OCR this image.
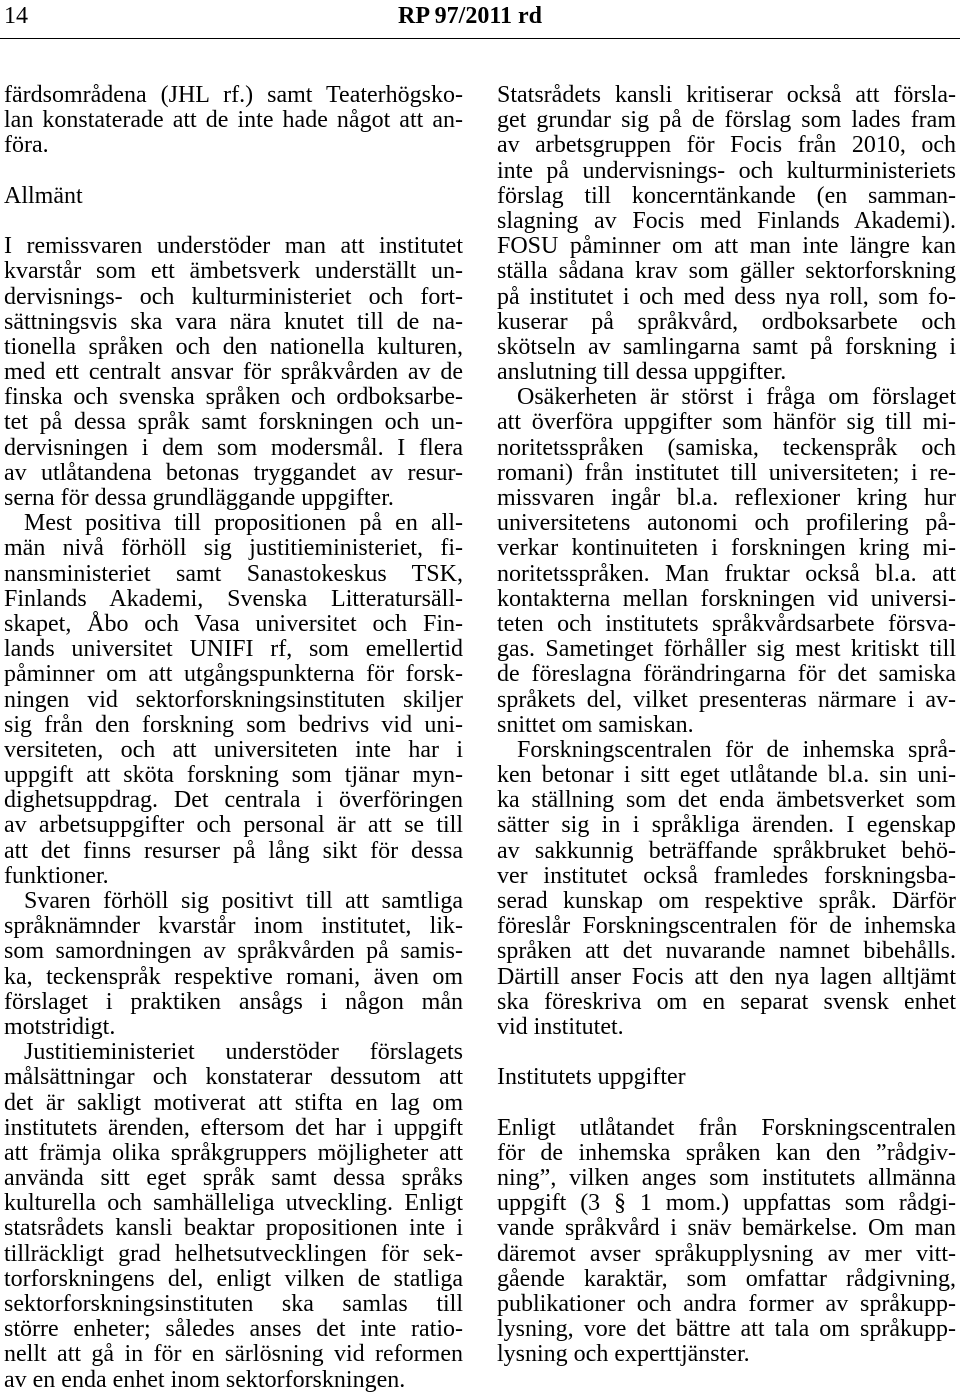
14	RP 97/2011 rd
färdsområdena (JHL rf.) samt Teaterhögsko-
lan konstaterade att de inte hade något att an-
föra.
Allmänt
I remissvaren understöder man att institutet
kvarstår som ett ämbetsverk underställt un-
dervisnings- och kulturministeriet och fort-
sättningsvis ska vara nära knutet till de na-
tionella språken och den nationella kulturen,
med ett centralt ansvar för språkvården av de
finska och svenska språken och ordboksarbe-
tet på dessa språk samt forskningen och un-
dervisningen i dem som modersmål. I flera
av utlåtandena betonas tryggandet av resur-
serna för dessa grundläggande uppgifter.
Mest positiva till propositionen på en all-
män nivå förhöll sig justitieministeriet, fi-
nansministeriet samt Sanastokeskus TSK,
Finlands Akademi, Svenska Litteratursäll-
skapet, Åbo och Vasa universitet och Fin-
lands universitet UNIFI rf, som emellertid
påminner om att utgångspunkterna för forsk-
ningen vid sektorforskningsinstituten skiljer
sig från den forskning som bedrivs vid uni-
versiteten, och att universiteten inte har i
uppgift att sköta forskning som tjänar myn-
dighetsuppdrag. Det centrala i överföringen
av arbetsuppgifter och personal är att se till
att det finns resurser på lång sikt för dessa
funktioner.
Svaren förhöll sig positivt till att samtliga
språknämnder kvarstår inom institutet, lik-
som samordningen av språkvården på samis-
ka, teckenspråk respektive romani, även om
förslaget i praktiken ansågs i någon mån
motstridigt.
Justitieministeriet understöder förslagets
målsättningar och konstaterar dessutom att
det är sakligt motiverat att stifta en lag om
institutets ärenden, eftersom det har i uppgift
att främja olika språkgruppers möjligheter att
använda sitt eget språk samt dessa språks
kulturella och samhälleliga utveckling. Enligt
statsrådets kansli beaktar propositionen inte i
tillräckligt grad helhetsutvecklingen för sek-
torforskningens del, enligt vilken de statliga
sektorforskningsinstituten ska samlas till
större enheter; således anses det inte ratio-
nellt att gå in för en särlösning vid reformen
av en enda enhet inom sektorforskningen.
Statsrådets kansli kritiserar också att försla-
get grundar sig på de förslag som lades fram
av arbetsgruppen för Focis från 2010, och
inte på undervisnings- och kulturministeriets
förslag till koncerntänkande (en samman-
slagning av Focis med Finlands Akademi).
FOSU påminner om att man inte längre kan
ställa sådana krav som gäller sektorforskning
på institutet i och med dess nya roll, som fo-
kuserar på språkvård, ordboksarbete och
skötseln av samlingarna samt på forskning i
anslutning till dessa uppgifter.
Osäkerheten är störst i fråga om förslaget
att överföra uppgifter som hänför sig till mi-
noritetsspråken (samiska, teckenspråk och
romani) från institutet till universiteten; i re-
missvaren ingår bl.a. reflexioner kring hur
universitetens autonomi och profilering på-
verkar kontinuiteten i forskningen kring mi-
noritetsspråken. Man fruktar också bl.a. att
kontakterna mellan forskningen vid universi-
teten och institutets språkvårdsarbete försva-
gas. Sametinget förhåller sig mest kritiskt till
de föreslagna förändringarna för det samiska
språkets del, vilket presenteras närmare i av-
snittet om samiskan.
Forskningscentralen för de inhemska språ-
ken betonar i sitt eget utlåtande bl.a. sin uni-
ka ställning som det enda ämbetsverket som
sätter sig in i språkliga ärenden. I egenskap
av sakkunnig beträffande språkbruket behö-
ver institutet också framledes forskningsba-
serad kunskap om respektive språk. Därför
föreslår Forskningscentralen för de inhemska
språken att det nuvarande namnet bibehålls.
Därtill anser Focis att den nya lagen alltjämt
ska föreskriva om en separat svensk enhet
vid institutet.
Institutets uppgifter
Enligt utlåtandet från Forskningscentralen
för de inhemska språken kan den ”rådgiv-
ning”, vilken anges som institutets allmänna
uppgift (3 § 1 mom.) uppfattas som rådgi-
vande språkvård i snäv bemärkelse. Om man
däremot avser språkupplysning av mer vitt-
gående karaktär, som omfattar rådgivning,
publikationer och andra former av språkupp-
lysning, vore det bättre att tala om språkupp-
lysning och experttjänster.
